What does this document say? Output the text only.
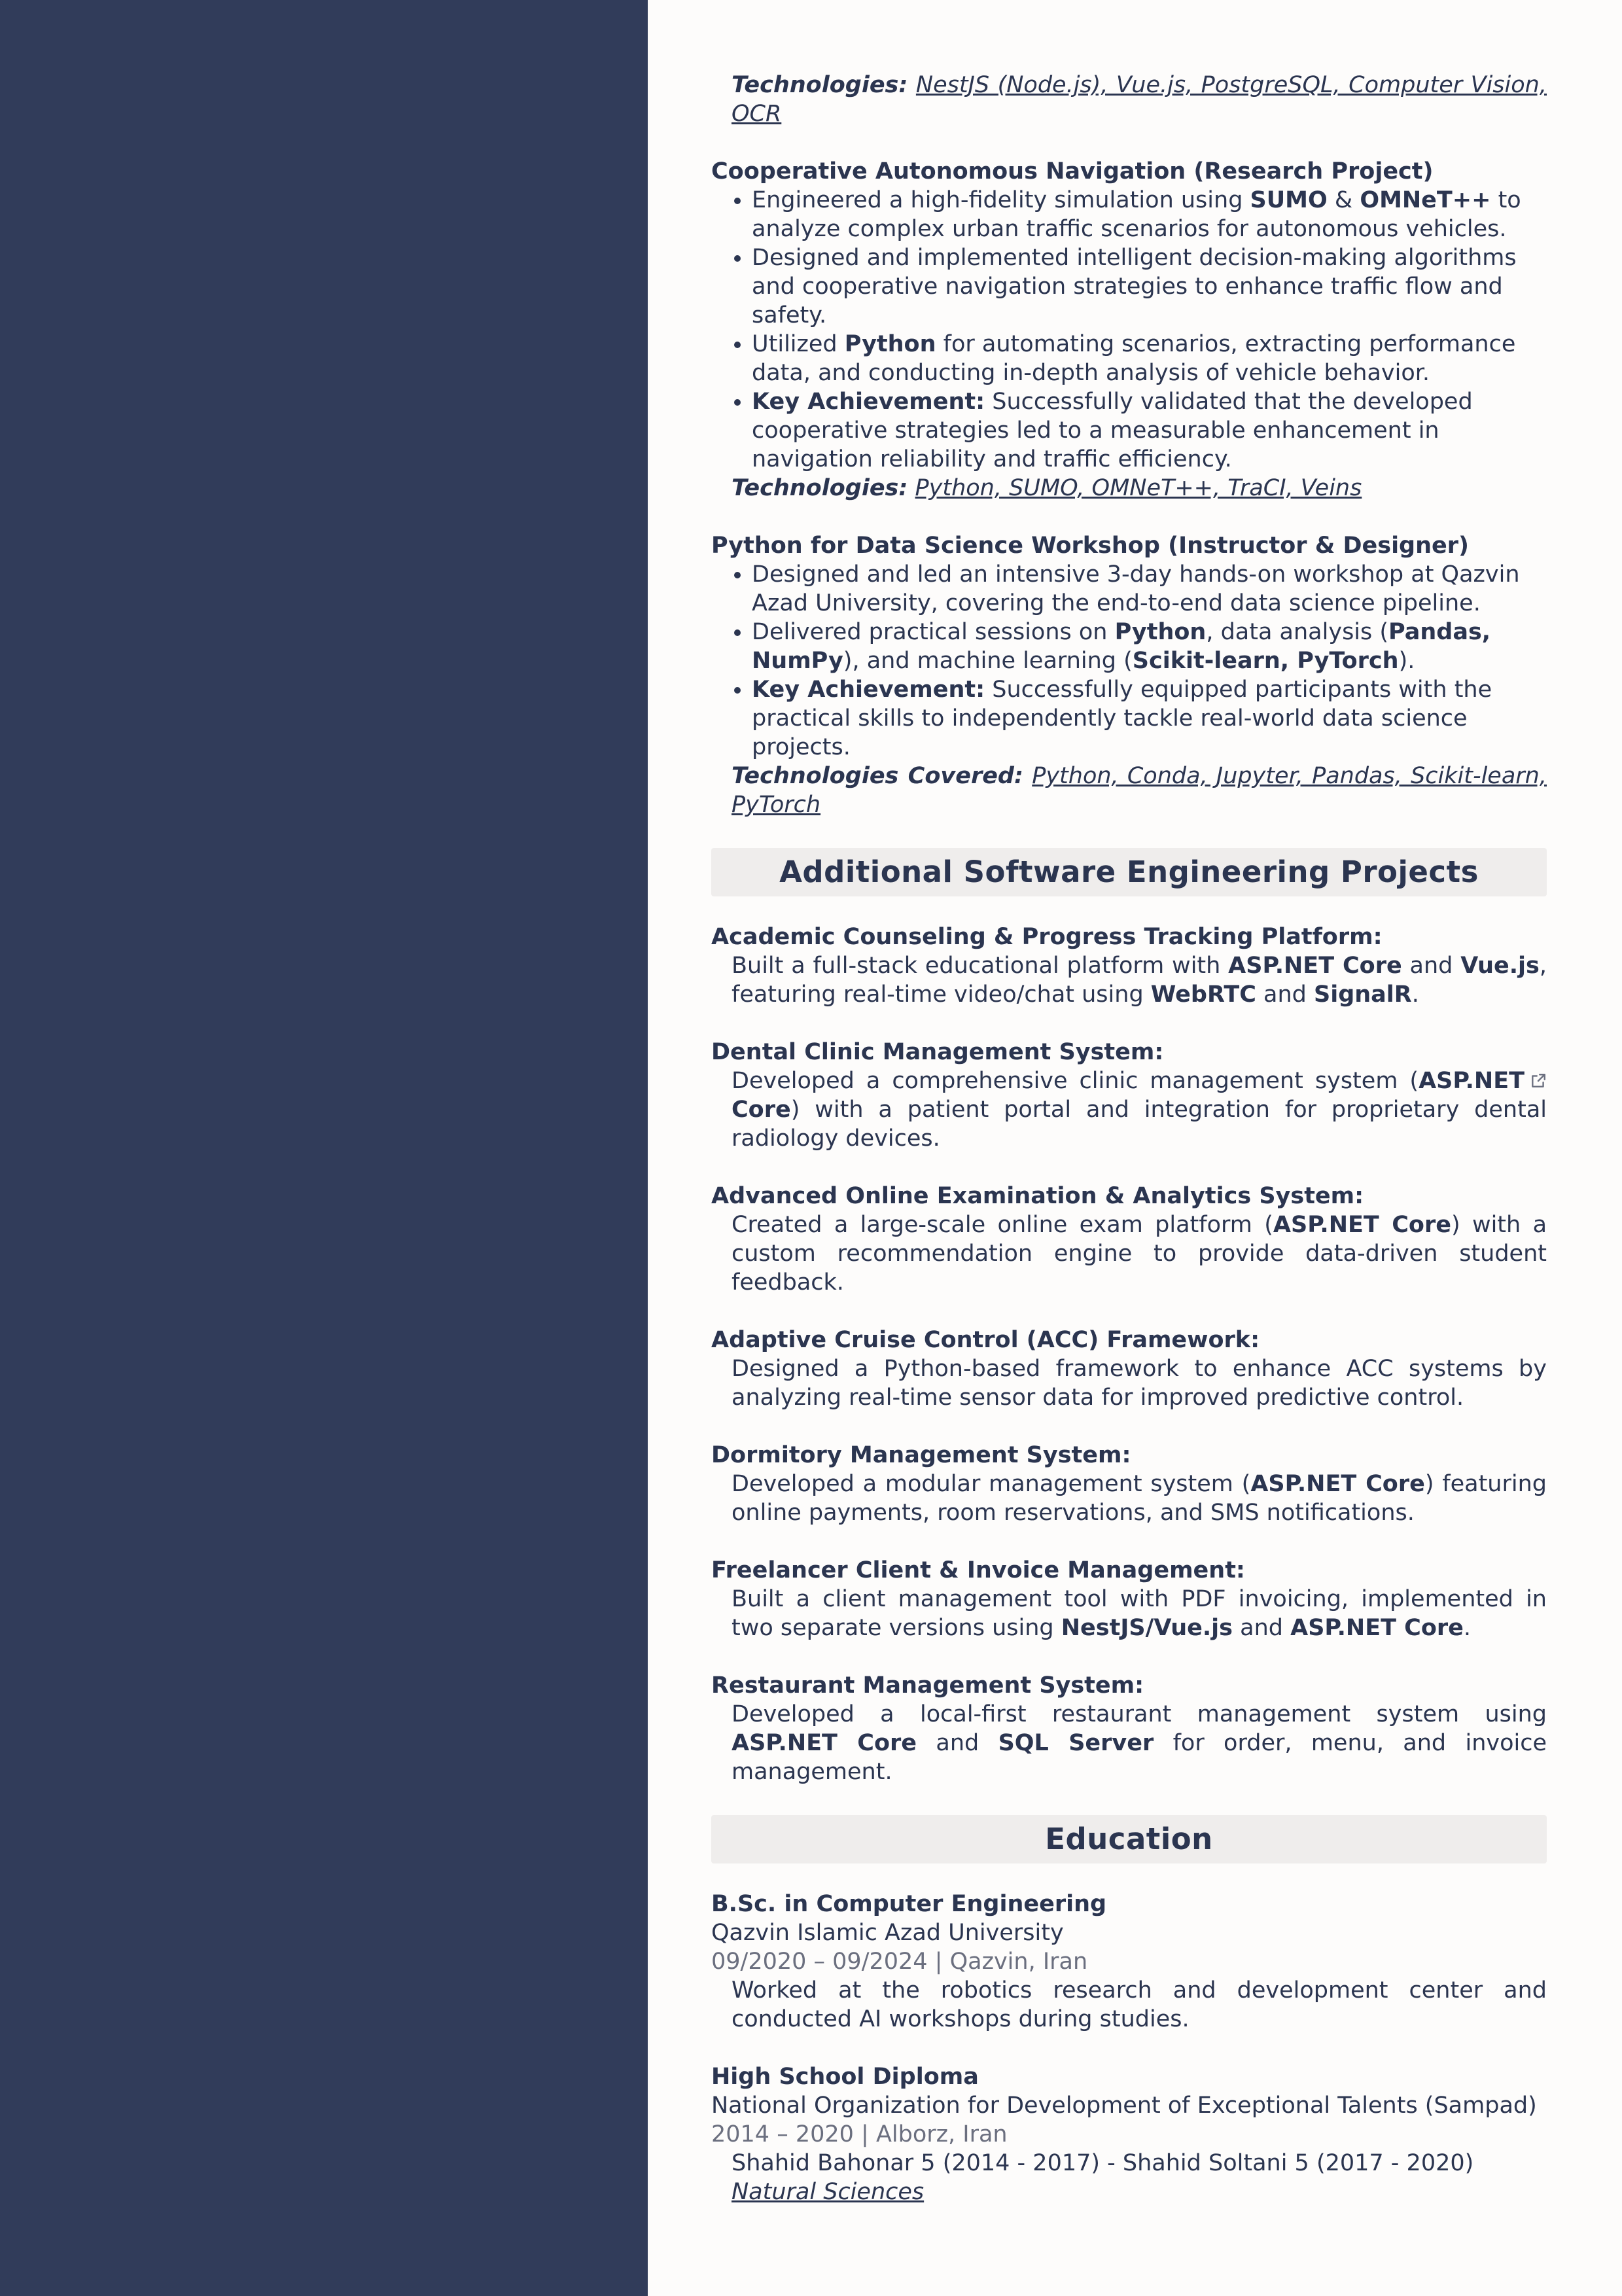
Technologies: NestJS (Node.js), Vue.js, PostgreSQL, Computer Vision, OCR
Cooperative Autonomous Navigation (Research Project)
• Engineered a high-fidelity simulation using SUMO & OMNeT++ to analyze complex urban traffic scenarios for autonomous vehicles.
• Designed and implemented intelligent decision-making algorithms and cooperative navigation strategies to enhance traffic flow and safety.
• Utilized Python for automating scenarios, extracting performance data, and conducting in-depth analysis of vehicle behavior.
• Key Achievement: Successfully validated that the developed cooperative strategies led to a measurable enhancement in navigation reliability and traffic efficiency.
Technologies: Python, SUMO, OMNeT++, TraCI, Veins
Python for Data Science Workshop (Instructor & Designer)
• Designed and led an intensive 3-day hands-on workshop at Qazvin Azad University, covering the end-to-end data science pipeline.
• Delivered practical sessions on Python, data analysis (Pandas, NumPy), and machine learning (Scikit-learn, PyTorch).
• Key Achievement: Successfully equipped participants with the practical skills to independently tackle real-world data science projects.
Technologies Covered: Python, Conda, Jupyter, Pandas, Scikit-learn, PyTorch
Additional Software Engineering Projects
Academic Counseling & Progress Tracking Platform:
Built a full-stack educational platform with ASP.NET Core and Vue.js, featuring real-time video/chat using WebRTC and SignalR.
Dental Clinic Management System:
Developed a comprehensive clinic management system (ASP.NET Core) with a patient portal and integration for proprietary dental radiology devices.
Advanced Online Examination & Analytics System:
Created a large-scale online exam platform (ASP.NET Core) with a custom recommendation engine to provide data-driven student feedback.
Adaptive Cruise Control (ACC) Framework:
Designed a Python-based framework to enhance ACC systems by analyzing real-time sensor data for improved predictive control.
Dormitory Management System:
Developed a modular management system (ASP.NET Core) featuring online payments, room reservations, and SMS notifications.
Freelancer Client & Invoice Management:
Built a client management tool with PDF invoicing, implemented in two separate versions using NestJS/Vue.js and ASP.NET Core.
Restaurant Management System:
Developed a local-first restaurant management system using ASP.NET Core and SQL Server for order, menu, and invoice management.
Education
B.Sc. in Computer Engineering
Qazvin Islamic Azad University
09/2020 – 09/2024 | Qazvin, Iran
Worked at the robotics research and development center and conducted AI workshops during studies.
High School Diploma
National Organization for Development of Exceptional Talents (Sampad)
2014 – 2020 | Alborz, Iran
Shahid Bahonar 5 (2014 - 2017) - Shahid Soltani 5 (2017 - 2020)
Natural Sciences
